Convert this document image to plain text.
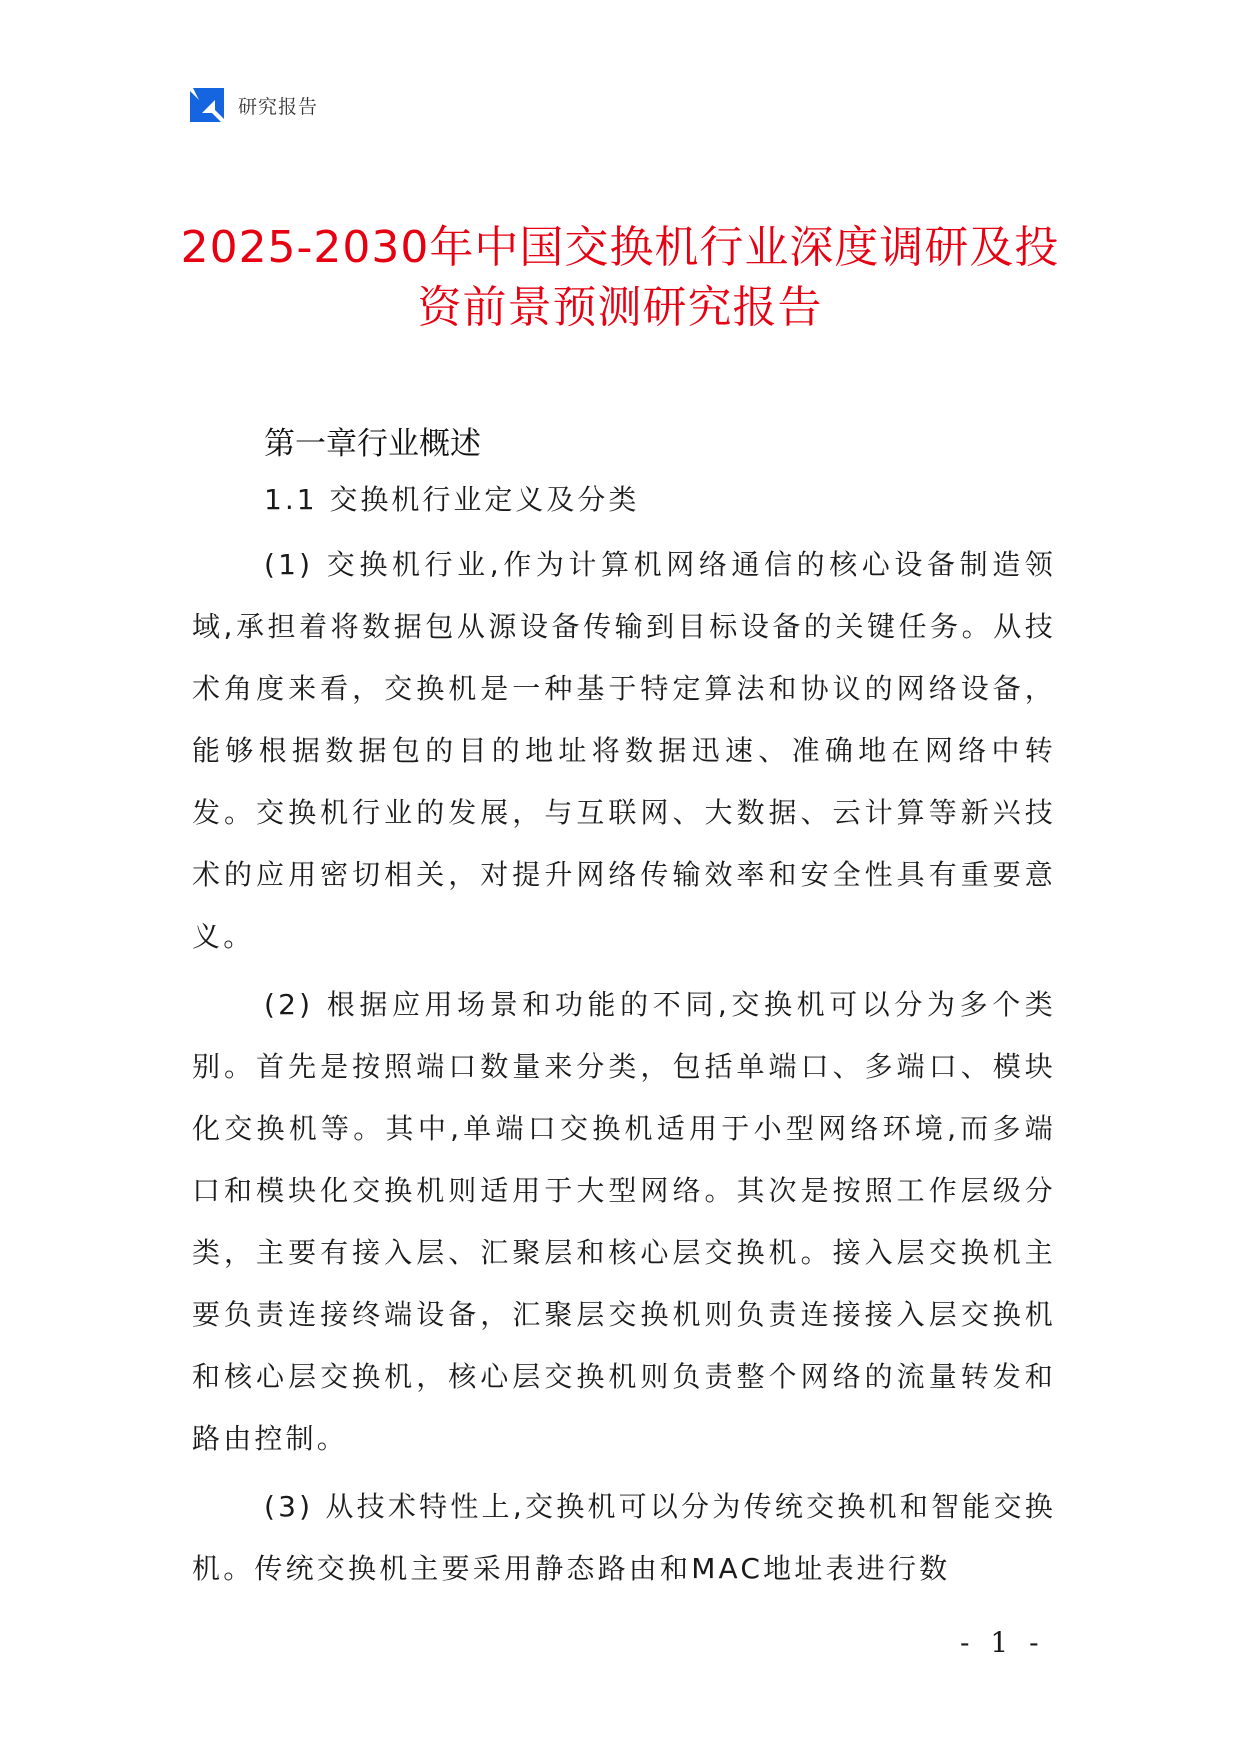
研究报告
2025-2030年中国交换机行业深度调研及投资前景预测研究报告
第一章行业概述
1.1 交换机行业定义及分类

(1) 交换机行业,作为计算机网络通信的核心设备制造领域,承担着将数据包从源设备传输到目标设备的关键任务。从技术角度来看，交换机是一种基于特定算法和协议的网络设备，能够根据数据包的目的地址将数据迅速、准确地在网络中转发。交换机行业的发展，与互联网、大数据、云计算等新兴技术的应用密切相关，对提升网络传输效率和安全性具有重要意义。

(2) 根据应用场景和功能的不同,交换机可以分为多个类别。首先是按照端口数量来分类，包括单端口、多端口、模块化交换机等。其中,单端口交换机适用于小型网络环境,而多端口和模块化交换机则适用于大型网络。其次是按照工作层级分类，主要有接入层、汇聚层和核心层交换机。接入层交换机主要负责连接终端设备，汇聚层交换机则负责连接接入层交换机和核心层交换机，核心层交换机则负责整个网络的流量转发和路由控制。

(3) 从技术特性上,交换机可以分为传统交换机和智能交换机。传统交换机主要采用静态路由和MAC地址表进行数

- 1 -
